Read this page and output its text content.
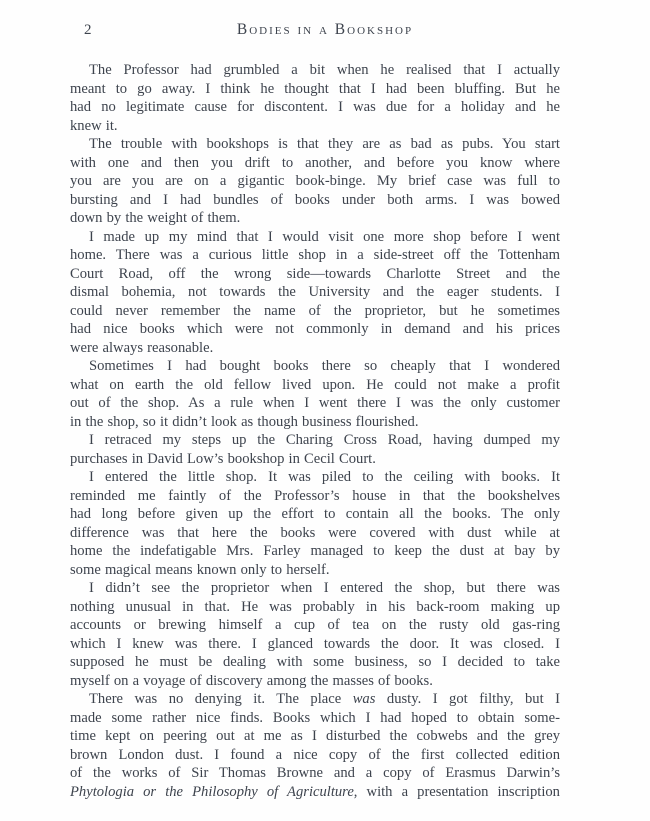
2	Bodies in a Bookshop
The Professor had grumbled a bit when he realised that I actually
meant to go away. I think he thought that I had been bluffing. But he
had no legitimate cause for discontent. I was due for a holiday and he
knew it.
The trouble with bookshops is that they are as bad as pubs. You start
with one and then you drift to another, and before you know where
you are you are on a gigantic book-binge. My brief case was full to
bursting and I had bundles of books under both arms. I was bowed
down by the weight of them.
I made up my mind that I would visit one more shop before I went
home. There was a curious little shop in a side-street off the Tottenham
Court Road, off the wrong side—towards Charlotte Street and the
dismal bohemia, not towards the University and the eager students. I
could never remember the name of the proprietor, but he sometimes
had nice books which were not commonly in demand and his prices
were always reasonable.
Sometimes I had bought books there so cheaply that I wondered
what on earth the old fellow lived upon. He could not make a profit
out of the shop. As a rule when I went there I was the only customer
in the shop, so it didn’t look as though business flourished.
I retraced my steps up the Charing Cross Road, having dumped my
purchases in David Low’s bookshop in Cecil Court.
I entered the little shop. It was piled to the ceiling with books. It
reminded me faintly of the Professor’s house in that the bookshelves
had long before given up the effort to contain all the books. The only
difference was that here the books were covered with dust while at
home the indefatigable Mrs. Farley managed to keep the dust at bay by
some magical means known only to herself.
I didn’t see the proprietor when I entered the shop, but there was
nothing unusual in that. He was probably in his back-room making up
accounts or brewing himself a cup of tea on the rusty old gas-ring
which I knew was there. I glanced towards the door. It was closed. I
supposed he must be dealing with some business, so I decided to take
myself on a voyage of discovery among the masses of books.
There was no denying it. The place was dusty. I got filthy, but I
made some rather nice finds. Books which I had hoped to obtain some-
time kept on peering out at me as I disturbed the cobwebs and the grey
brown London dust. I found a nice copy of the first collected edition
of the works of Sir Thomas Browne and a copy of Erasmus Darwin’s
Phytologia or the Philosophy of Agriculture, with a presentation inscription
